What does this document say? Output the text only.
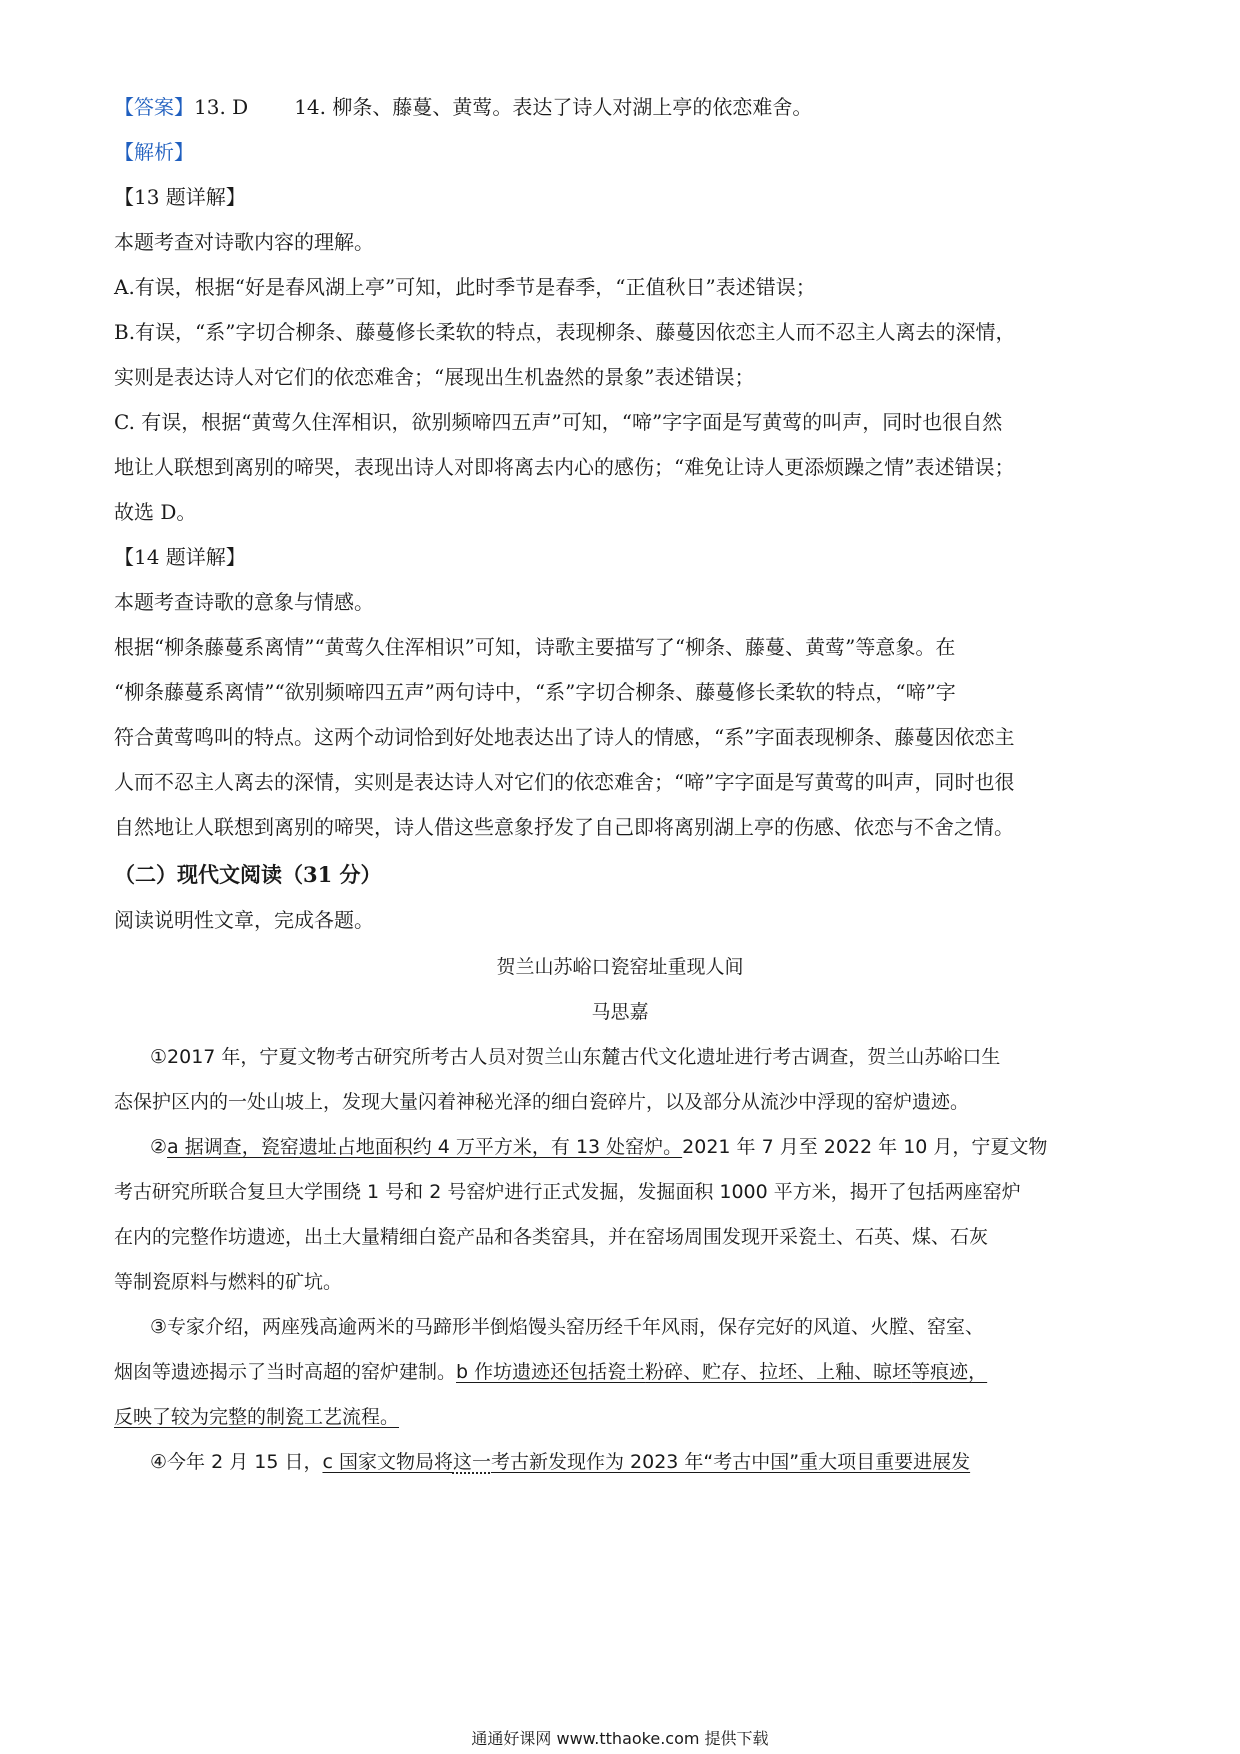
【答案】13. D 14. 柳条、藤蔓、黄莺。表达了诗人对湖上亭的依恋难舍。
【解析】
【13 题详解】
本题考查对诗歌内容的理解。
A.有误，根据“好是春风湖上亭”可知，此时季节是春季，“正值秋日”表述错误；
B.有误，“系”字切合柳条、藤蔓修长柔软的特点，表现柳条、藤蔓因依恋主人而不忍主人离去的深情，
实则是表达诗人对它们的依恋难舍；“展现出生机盎然的景象”表述错误；
C. 有误，根据“黄莺久住浑相识，欲别频啼四五声”可知，“啼”字字面是写黄莺的叫声，同时也很自然
地让人联想到离别的啼哭，表现出诗人对即将离去内心的感伤；“难免让诗人更添烦躁之情”表述错误；
故选 D。
【14 题详解】
本题考查诗歌的意象与情感。
根据“柳条藤蔓系离情”“黄莺久住浑相识”可知，诗歌主要描写了“柳条、藤蔓、黄莺”等意象。在
“柳条藤蔓系离情”“欲别频啼四五声”两句诗中，“系”字切合柳条、藤蔓修长柔软的特点，“啼”字
符合黄莺鸣叫的特点。这两个动词恰到好处地表达出了诗人的情感，“系”字面表现柳条、藤蔓因依恋主
人而不忍主人离去的深情，实则是表达诗人对它们的依恋难舍；“啼”字字面是写黄莺的叫声，同时也很
自然地让人联想到离别的啼哭，诗人借这些意象抒发了自己即将离别湖上亭的伤感、依恋与不舍之情。
（二）现代文阅读（31 分）
阅读说明性文章，完成各题。
贺兰山苏峪口瓷窑址重现人间
马思嘉
①2017 年，宁夏文物考古研究所考古人员对贺兰山东麓古代文化遗址进行考古调查，贺兰山苏峪口生
态保护区内的一处山坡上，发现大量闪着神秘光泽的细白瓷碎片，以及部分从流沙中浮现的窑炉遗迹。
②a 据调查，瓷窑遗址占地面积约 4 万平方米，有 13 处窑炉。2021 年 7 月至 2022 年 10 月，宁夏文物
考古研究所联合复旦大学围绕 1 号和 2 号窑炉进行正式发掘，发掘面积 1000 平方米，揭开了包括两座窑炉
在内的完整作坊遗迹，出土大量精细白瓷产品和各类窑具，并在窑场周围发现开采瓷土、石英、煤、石灰
等制瓷原料与燃料的矿坑。
③专家介绍，两座残高逾两米的马蹄形半倒焰馒头窑历经千年风雨，保存完好的风道、火膛、窑室、
烟囱等遗迹揭示了当时高超的窑炉建制。b 作坊遗迹还包括瓷土粉碎、贮存、拉坯、上釉、晾坯等痕迹，
反映了较为完整的制瓷工艺流程。
④今年 2 月 15 日，c 国家文物局将这一考古新发现作为 2023 年“考古中国”重大项目重要进展发
通通好课网 www.tthaoke.com 提供下载
